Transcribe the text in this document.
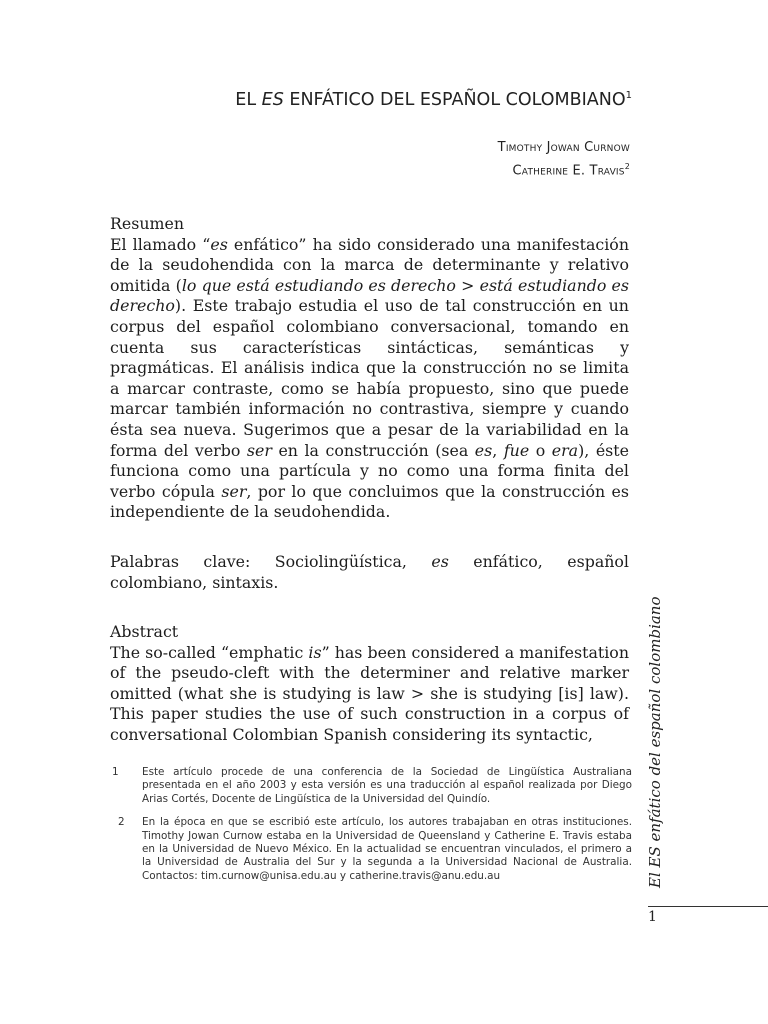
EL ES ENFÁTICO DEL ESPAÑOL COLOMBIANO$^1$
Timothy Jowan Curnow
Catherine E. Travis$^2$
Resumen

El llamado “es enfático” ha sido considerado una manifestación de la seudohendida con la marca de determinante y relativo omitida (lo que está estudiando es derecho > está estudiando es derecho). Este trabajo estudia el uso de tal construcción en un corpus del español colombiano conversacional, tomando en cuenta sus características sintácticas, semánticas y pragmáticas. El análisis indica que la construcción no se limita a marcar contraste, como se había propuesto, sino que puede marcar también información no contrastiva, siempre y cuando ésta sea nueva. Sugerimos que a pesar de la variabilidad en la forma del verbo ser en la construcción (sea es, fue o era), éste funciona como una partícula y no como una forma finita del verbo cópula ser, por lo que concluimos que la construcción es independiente de la seudohendida.

Palabras clave: Sociolingüística, es enfático, español colombiano, sintaxis.

Abstract

The so-called “emphatic is” has been considered a manifestation of the pseudo-cleft with the determiner and relative marker omitted (what she is studying is law > she is studying [is] law). This paper studies the use of such construction in a corpus of conversational Colombian Spanish considering its syntactic,

1	Este artículo procede de una conferencia de la Sociedad de Lingüística Australiana presentada en el año 2003 y esta versión es una traducción al español realizada por Diego Arias Cortés, Docente de Lingüística de la Universidad del Quindío.
2	En la época en que se escribió este artículo, los autores trabajaban en otras instituciones. Timothy Jowan Curnow estaba en la Universidad de Queensland y Catherine E. Travis estaba en la Universidad de Nuevo México. En la actualidad se encuentran vinculados, el primero a la Universidad de Australia del Sur y la segunda a la Universidad Nacional de Australia. Contactos: tim.curnow@unisa.edu.au y catherine.travis@anu.edu.au	El ES enfático del español colombiano
1
